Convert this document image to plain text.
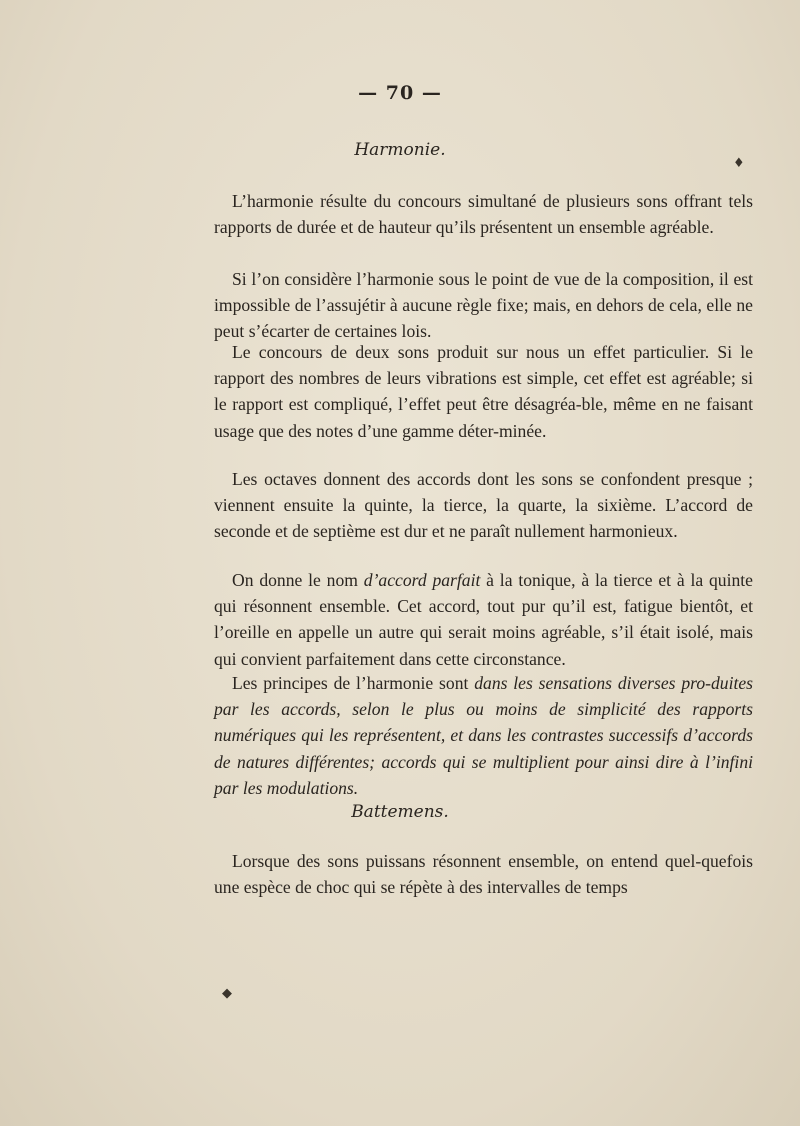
— 70 —
Harmonie.

L’harmonie résulte du concours simultané de plusieurs sons offrant tels rapports de durée et de hauteur qu’ils présentent un ensemble agréable.

Si l’on considère l’harmonie sous le point de vue de la composition, il est impossible de l’assujétir à aucune règle fixe; mais, en dehors de cela, elle ne peut s’écarter de certaines lois.

Le concours de deux sons produit sur nous un effet particulier. Si le rapport des nombres de leurs vibrations est simple, cet effet est agréable; si le rapport est compliqué, l’effet peut être désagréa-ble, même en ne faisant usage que des notes d’une gamme déter-minée.

Les octaves donnent des accords dont les sons se confondent presque ; viennent ensuite la quinte, la tierce, la quarte, la sixième. L’accord de seconde et de septième est dur et ne paraît nullement harmonieux.

On donne le nom d’accord parfait à la tonique, à la tierce et à la quinte qui résonnent ensemble. Cet accord, tout pur qu’il est, fatigue bientôt, et l’oreille en appelle un autre qui serait moins agréable, s’il était isolé, mais qui convient parfaitement dans cette circonstance.

Les principes de l’harmonie sont dans les sensations diverses pro-duites par les accords, selon le plus ou moins de simplicité des rapports numériques qui les représentent, et dans les contrastes successifs d’accords de natures différentes; accords qui se multiplient pour ainsi dire à l’infini par les modulations.

Battemens.

Lorsque des sons puissans résonnent ensemble, on entend quel-quefois une espèce de choc qui se répète à des intervalles de temps

♦
◆
